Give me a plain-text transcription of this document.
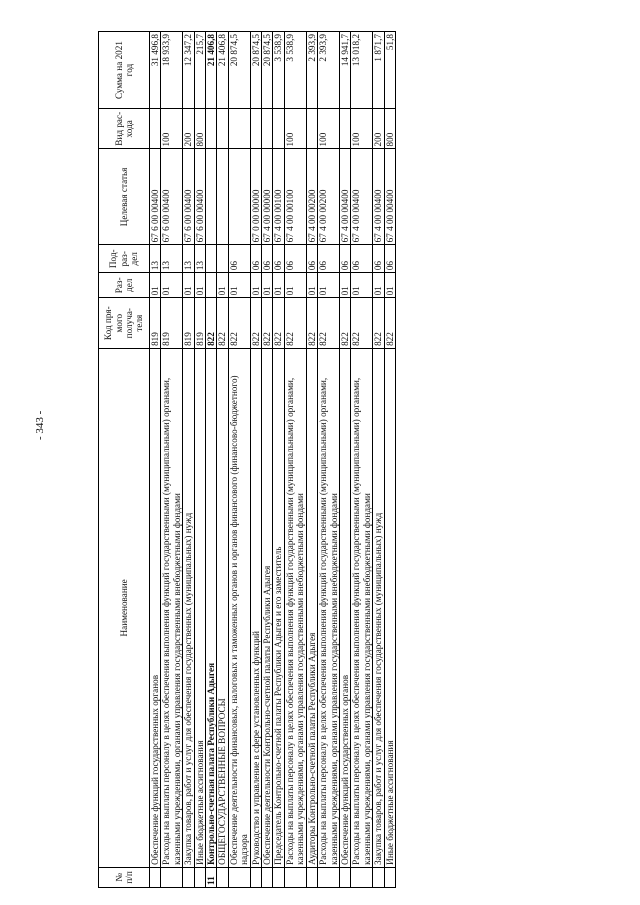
- 343 -
№ п/п	Наименование	Код пря-мого получа-теля	Раз-дел	Под-раз-дел	Целевая статья	Вид рас-хода	Сумма на 2021 год
	Обеспечение функций государственных органов	819	01	13	67 6 00 00400		31 496,8
	Расходы на выплаты персоналу в целях обеспечения выполнения функций государственными (муниципальными) органами, казенными учреждениями, органами управления государственными внебюджетными фондами	819	01	13	67 6 00 00400	100	18 933,9
	Закупка товаров, работ и услуг для обеспечения государственных (муниципальных) нужд	819	01	13	67 6 00 00400	200	12 347,2
	Иные бюджетные ассигнования	819	01	13	67 6 00 00400	800	215,7
11	Контрольно-счетная палата Республики Адыгея	822					21 406,8
	ОБЩЕГОСУДАРСТВЕННЫЕ ВОПРОСЫ	822	01				21 406,8
	Обеспечение деятельности финансовых, налоговых и таможенных органов и органов финансового (финансово-бюджетного) надзора	822	01	06			20 874,5
	Руководство и управление в сфере установленных функций	822	01	06	67 0 00 00000		20 874,5
	Обеспечение деятельности Контрольно-счетной палаты Республики Адыгея	822	01	06	67 4 00 00000		20 874,5
	Председатель Контрольно-счетной палаты Республики Адыгея и его заместитель	822	01	06	67 4 00 00100		3 538,9
	Расходы на выплаты персоналу в целях обеспечения выполнения функций государственными (муниципальными) органами, казенными учреждениями, органами управления государственными внебюджетными фондами	822	01	06	67 4 00 00100	100	3 538,9
	Аудиторы Контрольно-счетной палаты Республики Адыгея	822	01	06	67 4 00 00200		2 393,9
	Расходы на выплаты персоналу в целях обеспечения выполнения функций государственными (муниципальными) органами, казенными учреждениями, органами управления государственными внебюджетными фондами	822	01	06	67 4 00 00200	100	2 393,9
	Обеспечение функций государственных органов	822	01	06	67 4 00 00400		14 941,7
	Расходы на выплаты персоналу в целях обеспечения выполнения функций государственными (муниципальными) органами, казенными учреждениями, органами управления государственными внебюджетными фондами	822	01	06	67 4 00 00400	100	13 018,2
	Закупка товаров, работ и услуг для обеспечения государственных (муниципальных) нужд	822	01	06	67 4 00 00400	200	1 871,7
	Иные бюджетные ассигнования	822	01	06	67 4 00 00400	800	51,8
